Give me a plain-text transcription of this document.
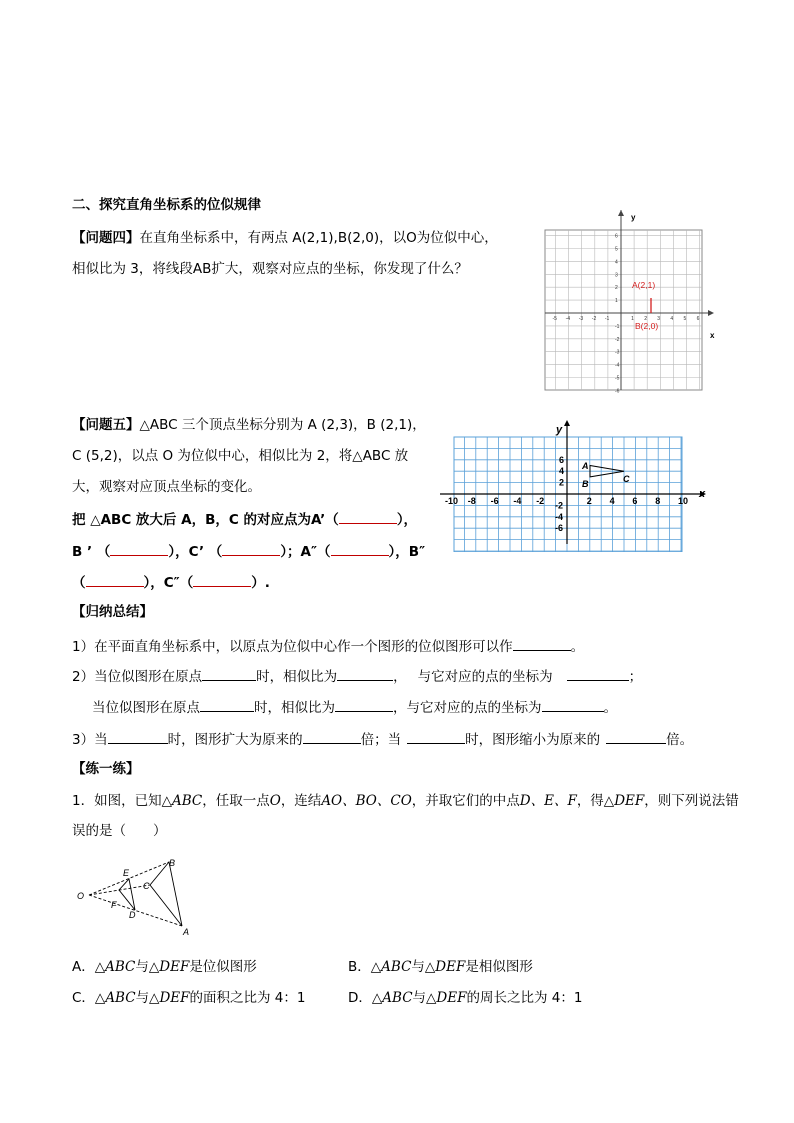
二、探究直角坐标系的位似规律
【问题四】在直角坐标系中，有两点 A(2,1),B(2,0)，以O为位似中心，
相似比为 3，将线段AB扩大，观察对应点的坐标，你发现了什么？
y
x
-5 -4 -3 -2 -1	1 2 3 4 5 6
6
5
4
3
2
1
-1
-2
-3
-4
-5
-6
A(2,1)
B(2,0)
【问题五】△ABC 三个顶点坐标分别为 A (2,3)，B (2,1)，
C (5,2)，以点 O 为位似中心，相似比为 2，将△ABC 放
大，观察对应顶点坐标的变化。
把 △ABC 放大后 A，B，C 的对应点为A’（	），
B ’ （	），C’ （	）；A″（	），B″
（	），C″（	）.
x
y
-10 -8 -6 -4 -2	2 4 6 8 10
6
4
2
-2
-4
-6
A
B	C
【归纳总结】
1）在平面直角坐标系中，以原点为位似中心作一个图形的位似图形可以作	。
2）当位似图形在原点	时，相似比为	，　 与它对应的点的坐标为	；
当位似图形在原点	时，相似比为	，与它对应的点的坐标为	。
3）当	时，图形扩大为原来的	倍；当	时，图形缩小为原来的	倍。
【练一练】
1．如图，已知△ABC，任取一点O，连结AO、BO、CO，并取它们的中点D、E、F，得△DEF，则下列说法错
误的是（　　）
O
A
B
C
D
E
F
A．△ABC与△DEF是位似图形	B．△ABC与△DEF是相似图形
C．△ABC与△DEF的面积之比为 4：1	D．△ABC与△DEF的周长之比为 4：1
